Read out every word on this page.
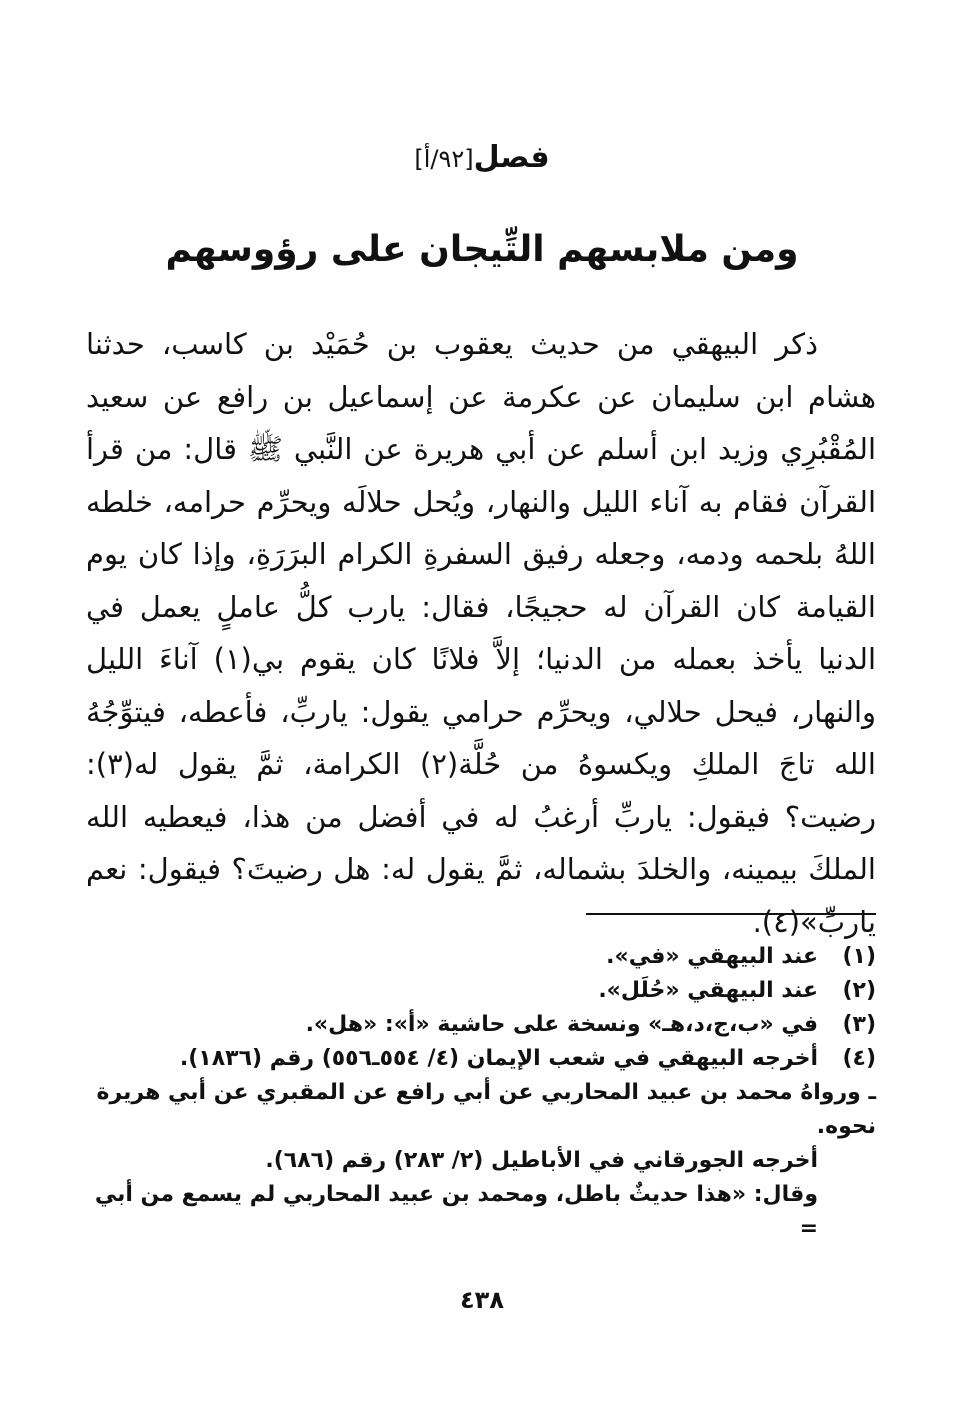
فصل[٩٢/أ]
ومن ملابسهم التِّيجان على رؤوسهم

ذكر البيهقي من حديث يعقوب بن حُمَيْد بن كاسب، حدثنا هشام ابن سليمان عن عكرمة عن إسماعيل بن رافع عن سعيد المُقْبُرِي وزيد ابن أسلم عن أبي هريرة عن النَّبي ﷺ قال: من قرأ القرآن فقام به آناء الليل والنهار، ويُحل حلالَه ويحرِّم حرامه، خلطه اللهُ بلحمه ودمه، وجعله رفيق السفرةِ الكرام البرَرَةِ، وإذا كان يوم القيامة كان القرآن له حجيجًا، فقال: يارب كلُّ عاملٍ يعمل في الدنيا يأخذ بعمله من الدنيا؛ إلاَّ فلانًا كان يقوم بي(١) آناءَ الليل والنهار، فيحل حلالي، ويحرِّم حرامي يقول: ياربِّ، فأعطه، فيتوِّجُهُ الله تاجَ الملكِ ويكسوهُ من حُلَّة(٢) الكرامة، ثمَّ يقول له(٣): رضيت؟ فيقول: ياربِّ أرغبُ له في أفضل من هذا، فيعطيه الله الملكَ بيمينه، والخلدَ بشماله، ثمَّ يقول له: هل رضيتَ؟ فيقول: نعم ياربِّ»(٤).

(١)
عند البيهقي «في».
(٢)
عند البيهقي «حُلَل».
(٣)
في «ب،ج،د،هـ» ونسخة على حاشية «أ»: «هل».
(٤)
أخرجه البيهقي في شعب الإيمان (٤/ ٥٥٤ـ٥٥٦) رقم (١٨٣٦).
ـ ورواهُ محمد بن عبيد المحاربي عن أبي رافع عن المقبري عن أبي هريرة نحوه.
أخرجه الجورقاني في الأباطيل (٢/ ٢٨٣) رقم (٦٨٦).
وقال: «هذا حديثٌ باطل، ومحمد بن عبيد المحاربي لم يسمع من أبي =
٤٣٨
